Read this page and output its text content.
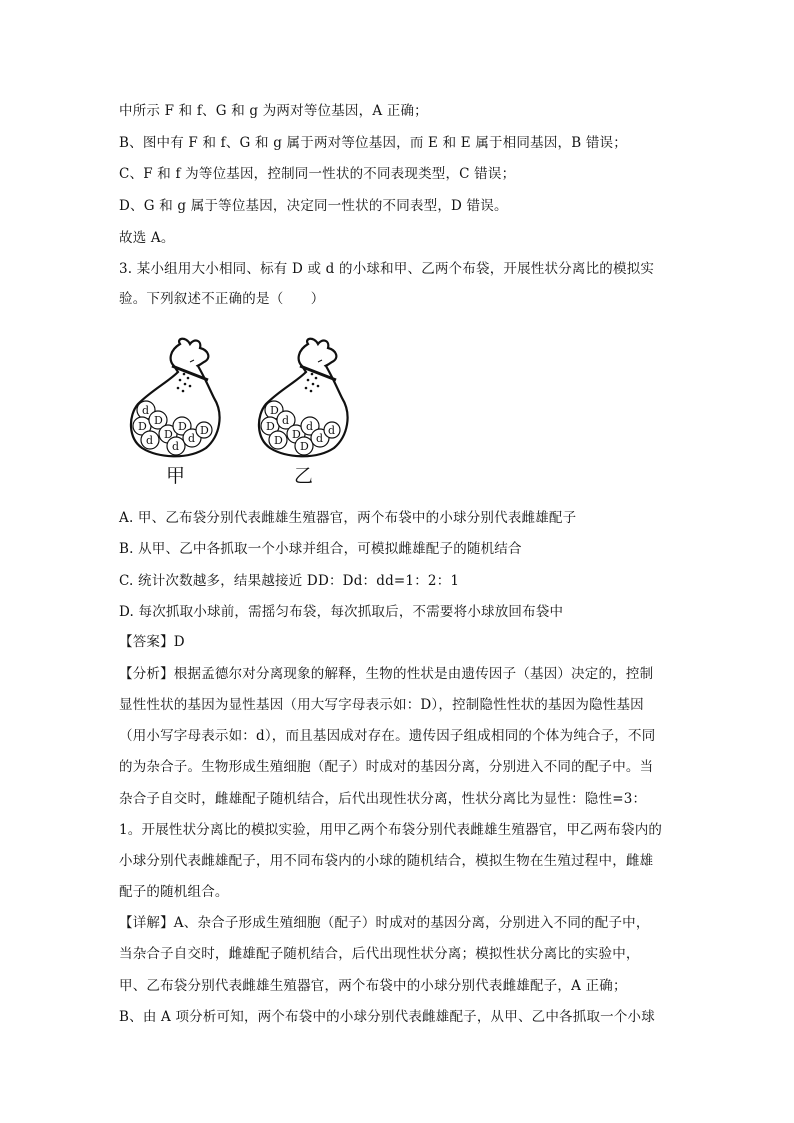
中所示 F 和 f、G 和 g 为两对等位基因，A 正确；
B、图中有 F 和 f、G 和 g 属于两对等位基因，而 E 和 E 属于相同基因，B 错误；
C、F 和 f 为等位基因，控制同一性状的不同表现类型，C 错误；
D、G 和 g 属于等位基因，决定同一性状的不同表型，D 错误。
故选 A。
3. 某小组用大小相同、标有 D 或 d 的小球和甲、乙两个布袋，开展性状分离比的模拟实
验。下列叙述不正确的是（　　）
d
D D
d D
D
d
d
D
甲
D
D d
D D
d
D
d
d
乙
A. 甲、乙布袋分别代表雌雄生殖器官，两个布袋中的小球分别代表雌雄配子
B. 从甲、乙中各抓取一个小球并组合，可模拟雌雄配子的随机结合
C. 统计次数越多，结果越接近 DD：Dd：dd=1：2：1
D. 每次抓取小球前，需摇匀布袋，每次抓取后，不需要将小球放回布袋中
【答案】D
【分析】根据孟德尔对分离现象的解释，生物的性状是由遗传因子（基因）决定的，控制
显性性状的基因为显性基因（用大写字母表示如：D），控制隐性性状的基因为隐性基因
（用小写字母表示如：d），而且基因成对存在。遗传因子组成相同的个体为纯合子，不同
的为杂合子。生物形成生殖细胞（配子）时成对的基因分离，分别进入不同的配子中。当
杂合子自交时，雌雄配子随机结合，后代出现性状分离，性状分离比为显性：隐性=3：
1。开展性状分离比的模拟实验，用甲乙两个布袋分别代表雌雄生殖器官，甲乙两布袋内的
小球分别代表雌雄配子，用不同布袋内的小球的随机结合，模拟生物在生殖过程中，雌雄
配子的随机组合。
【详解】A、杂合子形成生殖细胞（配子）时成对的基因分离，分别进入不同的配子中，
当杂合子自交时，雌雄配子随机结合，后代出现性状分离；模拟性状分离比的实验中，
甲、乙布袋分别代表雌雄生殖器官，两个布袋中的小球分别代表雌雄配子，A 正确；
B、由 A 项分析可知，两个布袋中的小球分别代表雌雄配子，从甲、乙中各抓取一个小球
